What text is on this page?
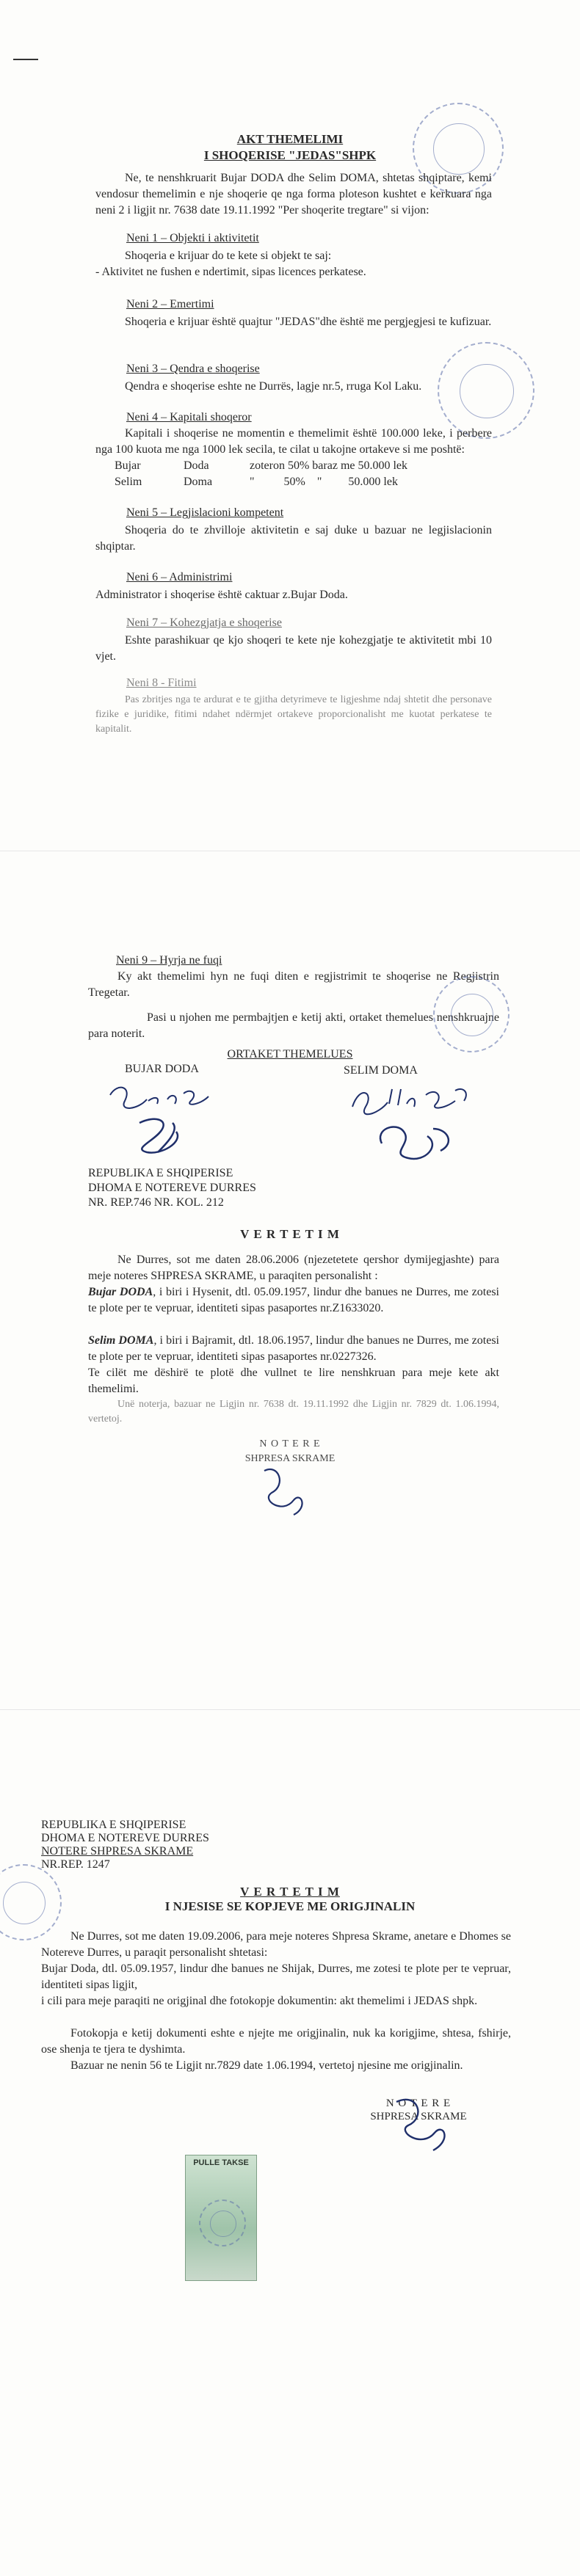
AKT THEMELIMI
I SHOQERISE "JEDAS"SHPK
Ne, te nenshkruarit Bujar DODA dhe Selim DOMA, shtetas shqiptare, kemi vendosur themelimin e nje shoqerie qe nga forma ploteson kushtet e kerkuara nga neni 2 i ligjit nr. 7638 date 19.11.1992 "Per shoqerite tregtare" si vijon:
Neni 1 – Objekti i aktivitetit
Shoqeria e krijuar do te kete si objekt te saj:
- Aktivitet ne fushen e ndertimit, sipas licences perkatese.
Neni 2 – Emertimi
Shoqeria e krijuar është quajtur "JEDAS"dhe është me pergjegjesi te kufizuar.
Neni 3 – Qendra e shoqerise
Qendra e shoqerise eshte ne Durrës, lagje nr.5, rruga Kol Laku.
Neni 4 – Kapitali shoqeror
Kapitali i shoqerise ne momentin e themelimit është 100.000 leke, i perbere nga 100 kuota me nga 1000 lek secila, te cilat u takojne ortakeve si me poshtë:
Bujar	Doda	zoteron 50% baraz me 50.000 lek
Selim	Doma	"          50%    "         50.000 lek
Neni 5 – Legjislacioni kompetent
Shoqeria do te zhvilloje aktivitetin e saj duke u bazuar ne legjislacionin shqiptar.
Neni 6 – Administrimi
Administrator i shoqerise është caktuar z.Bujar Doda.
Neni 7 – Kohezgjatja e shoqerise
Eshte parashikuar qe kjo shoqeri te kete nje kohezgjatje te aktivitetit mbi 10 vjet.
Neni 8 - Fitimi
Pas zbritjes nga te ardurat e te gjitha detyrimeve te ligjeshme ndaj shtetit dhe personave fizike e juridike, fitimi ndahet ndërmjet ortakeve proporcionalisht me kuotat perkatese te kapitalit.
Neni 9 – Hyrja ne fuqi
Ky akt themelimi hyn ne fuqi diten e regjistrimit te shoqerise ne Regjistrin Tregetar.
Pasi u njohen me permbajtjen e ketij akti, ortaket themelues nenshkruajne para noterit.
ORTAKET THEMELUES
BUJAR DODA	SELIM DOMA
REPUBLIKA E SHQIPERISE
DHOMA E NOTEREVE DURRES
NR. REP.746 NR. KOL. 212
V E R T E T I M
Ne Durres, sot me daten 28.06.2006 (njezetetete qershor dymijegjashte) para meje noteres SHPRESA SKRAME, u paraqiten personalisht :
Bujar DODA, i biri i Hysenit, dtl. 05.09.1957, lindur dhe banues ne Durres, me zotesi te plote per te vepruar, identiteti sipas pasaportes nr.Z1633020.
Selim DOMA, i biri i Bajramit, dtl. 18.06.1957, lindur dhe banues ne Durres, me zotesi te plote per te vepruar, identiteti sipas pasaportes nr.0227326.
Te cilët me dëshirë te plotë dhe vullnet te lire nenshkruan para meje kete akt themelimi.
Unë noterja, bazuar ne Ligjin nr. 7638 dt. 19.11.1992 dhe Ligjin nr. 7829 dt. 1.06.1994, vertetoj.
N O T E R E
SHPRESA SKRAME
REPUBLIKA E SHQIPERISE
DHOMA E NOTEREVE DURRES
NOTERE SHPRESA SKRAME
NR.REP. 1247
V E R T E T I M
I NJESISE SE KOPJEVE ME ORIGJINALIN
Ne Durres, sot me daten 19.09.2006, para meje noteres Shpresa Skrame, anetare e Dhomes se Notereve Durres, u paraqit personalisht shtetasi:
Bujar Doda, dtl. 05.09.1957, lindur dhe banues ne Shijak, Durres, me zotesi te plote per te vepruar, identiteti sipas ligjit,
i cili para meje paraqiti ne origjinal dhe fotokopje dokumentin: akt themelimi i JEDAS shpk.
Fotokopja e ketij dokumenti eshte e njejte me origjinalin, nuk ka korigjime, shtesa, fshirje, ose shenja te tjera te dyshimta.
Bazuar ne nenin 56 te Ligjit nr.7829 date 1.06.1994, vertetoj njesine me origjinalin.
N O T E R E
SHPRESA SKRAME
PULLE TAKSE
